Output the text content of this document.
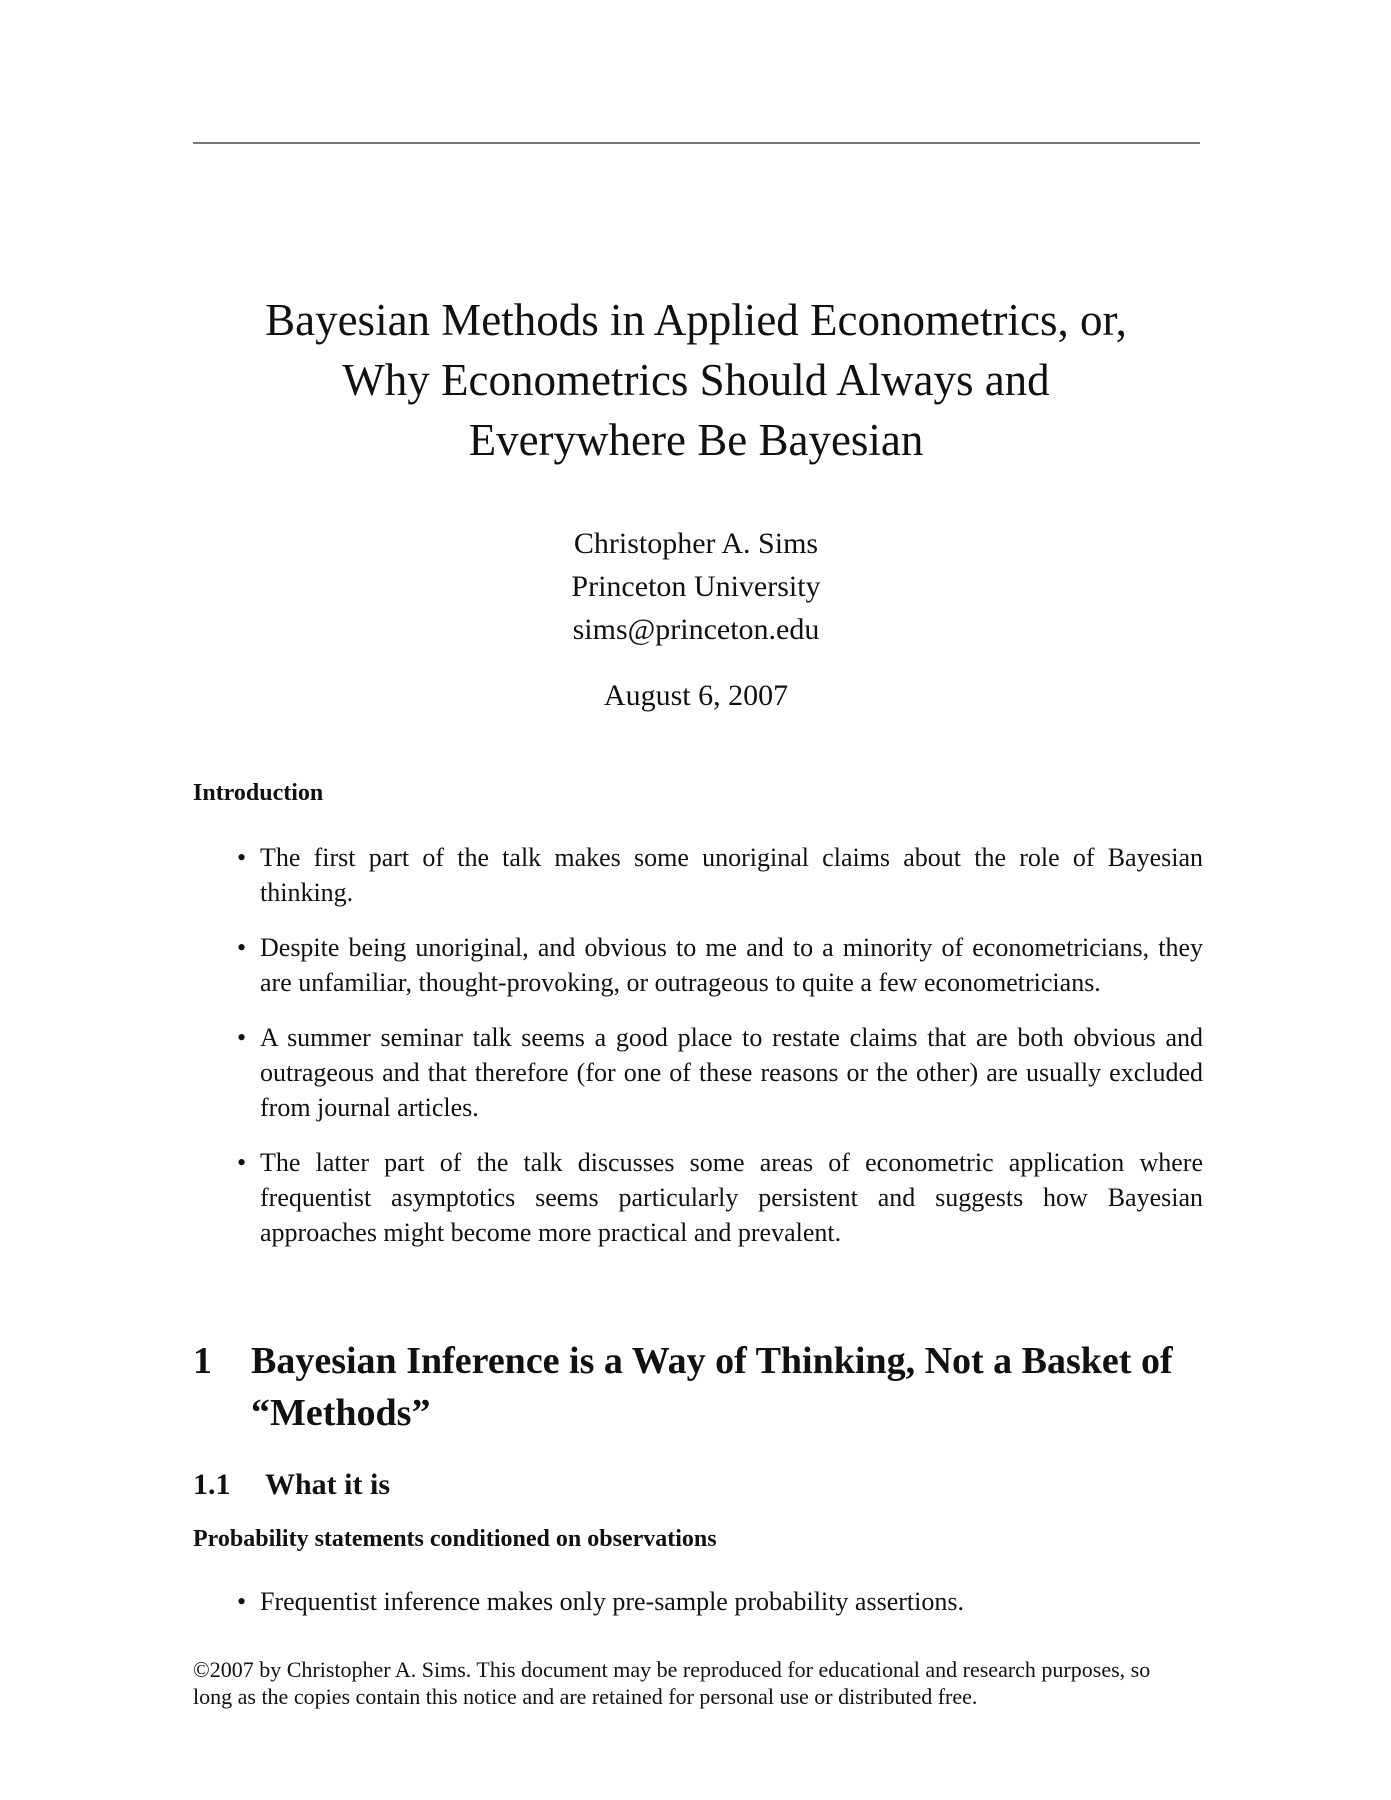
Bayesian Methods in Applied Econometrics, or,
Why Econometrics Should Always and
Everywhere Be Bayesian
Christopher A. Sims
Princeton University
sims@princeton.edu
August 6, 2007
Introduction
• The first part of the talk makes some unoriginal claims about the role of Bayesian thinking.
• Despite being unoriginal, and obvious to me and to a minority of econometricians, they are unfamiliar, thought-provoking, or outrageous to quite a few econometricians.
• A summer seminar talk seems a good place to restate claims that are both obvious and outrageous and that therefore (for one of these reasons or the other) are usually excluded from journal articles.
• The latter part of the talk discusses some areas of econometric application where frequentist asymptotics seems particularly persistent and suggests how Bayesian approaches might become more practical and prevalent.
1 Bayesian Inference is a Way of Thinking, Not a Basket of “Methods”
1.1 What it is
Probability statements conditioned on observations
• Frequentist inference makes only pre-sample probability assertions.
©2007 by Christopher A. Sims. This document may be reproduced for educational and research purposes, so long as the copies contain this notice and are retained for personal use or distributed free.
